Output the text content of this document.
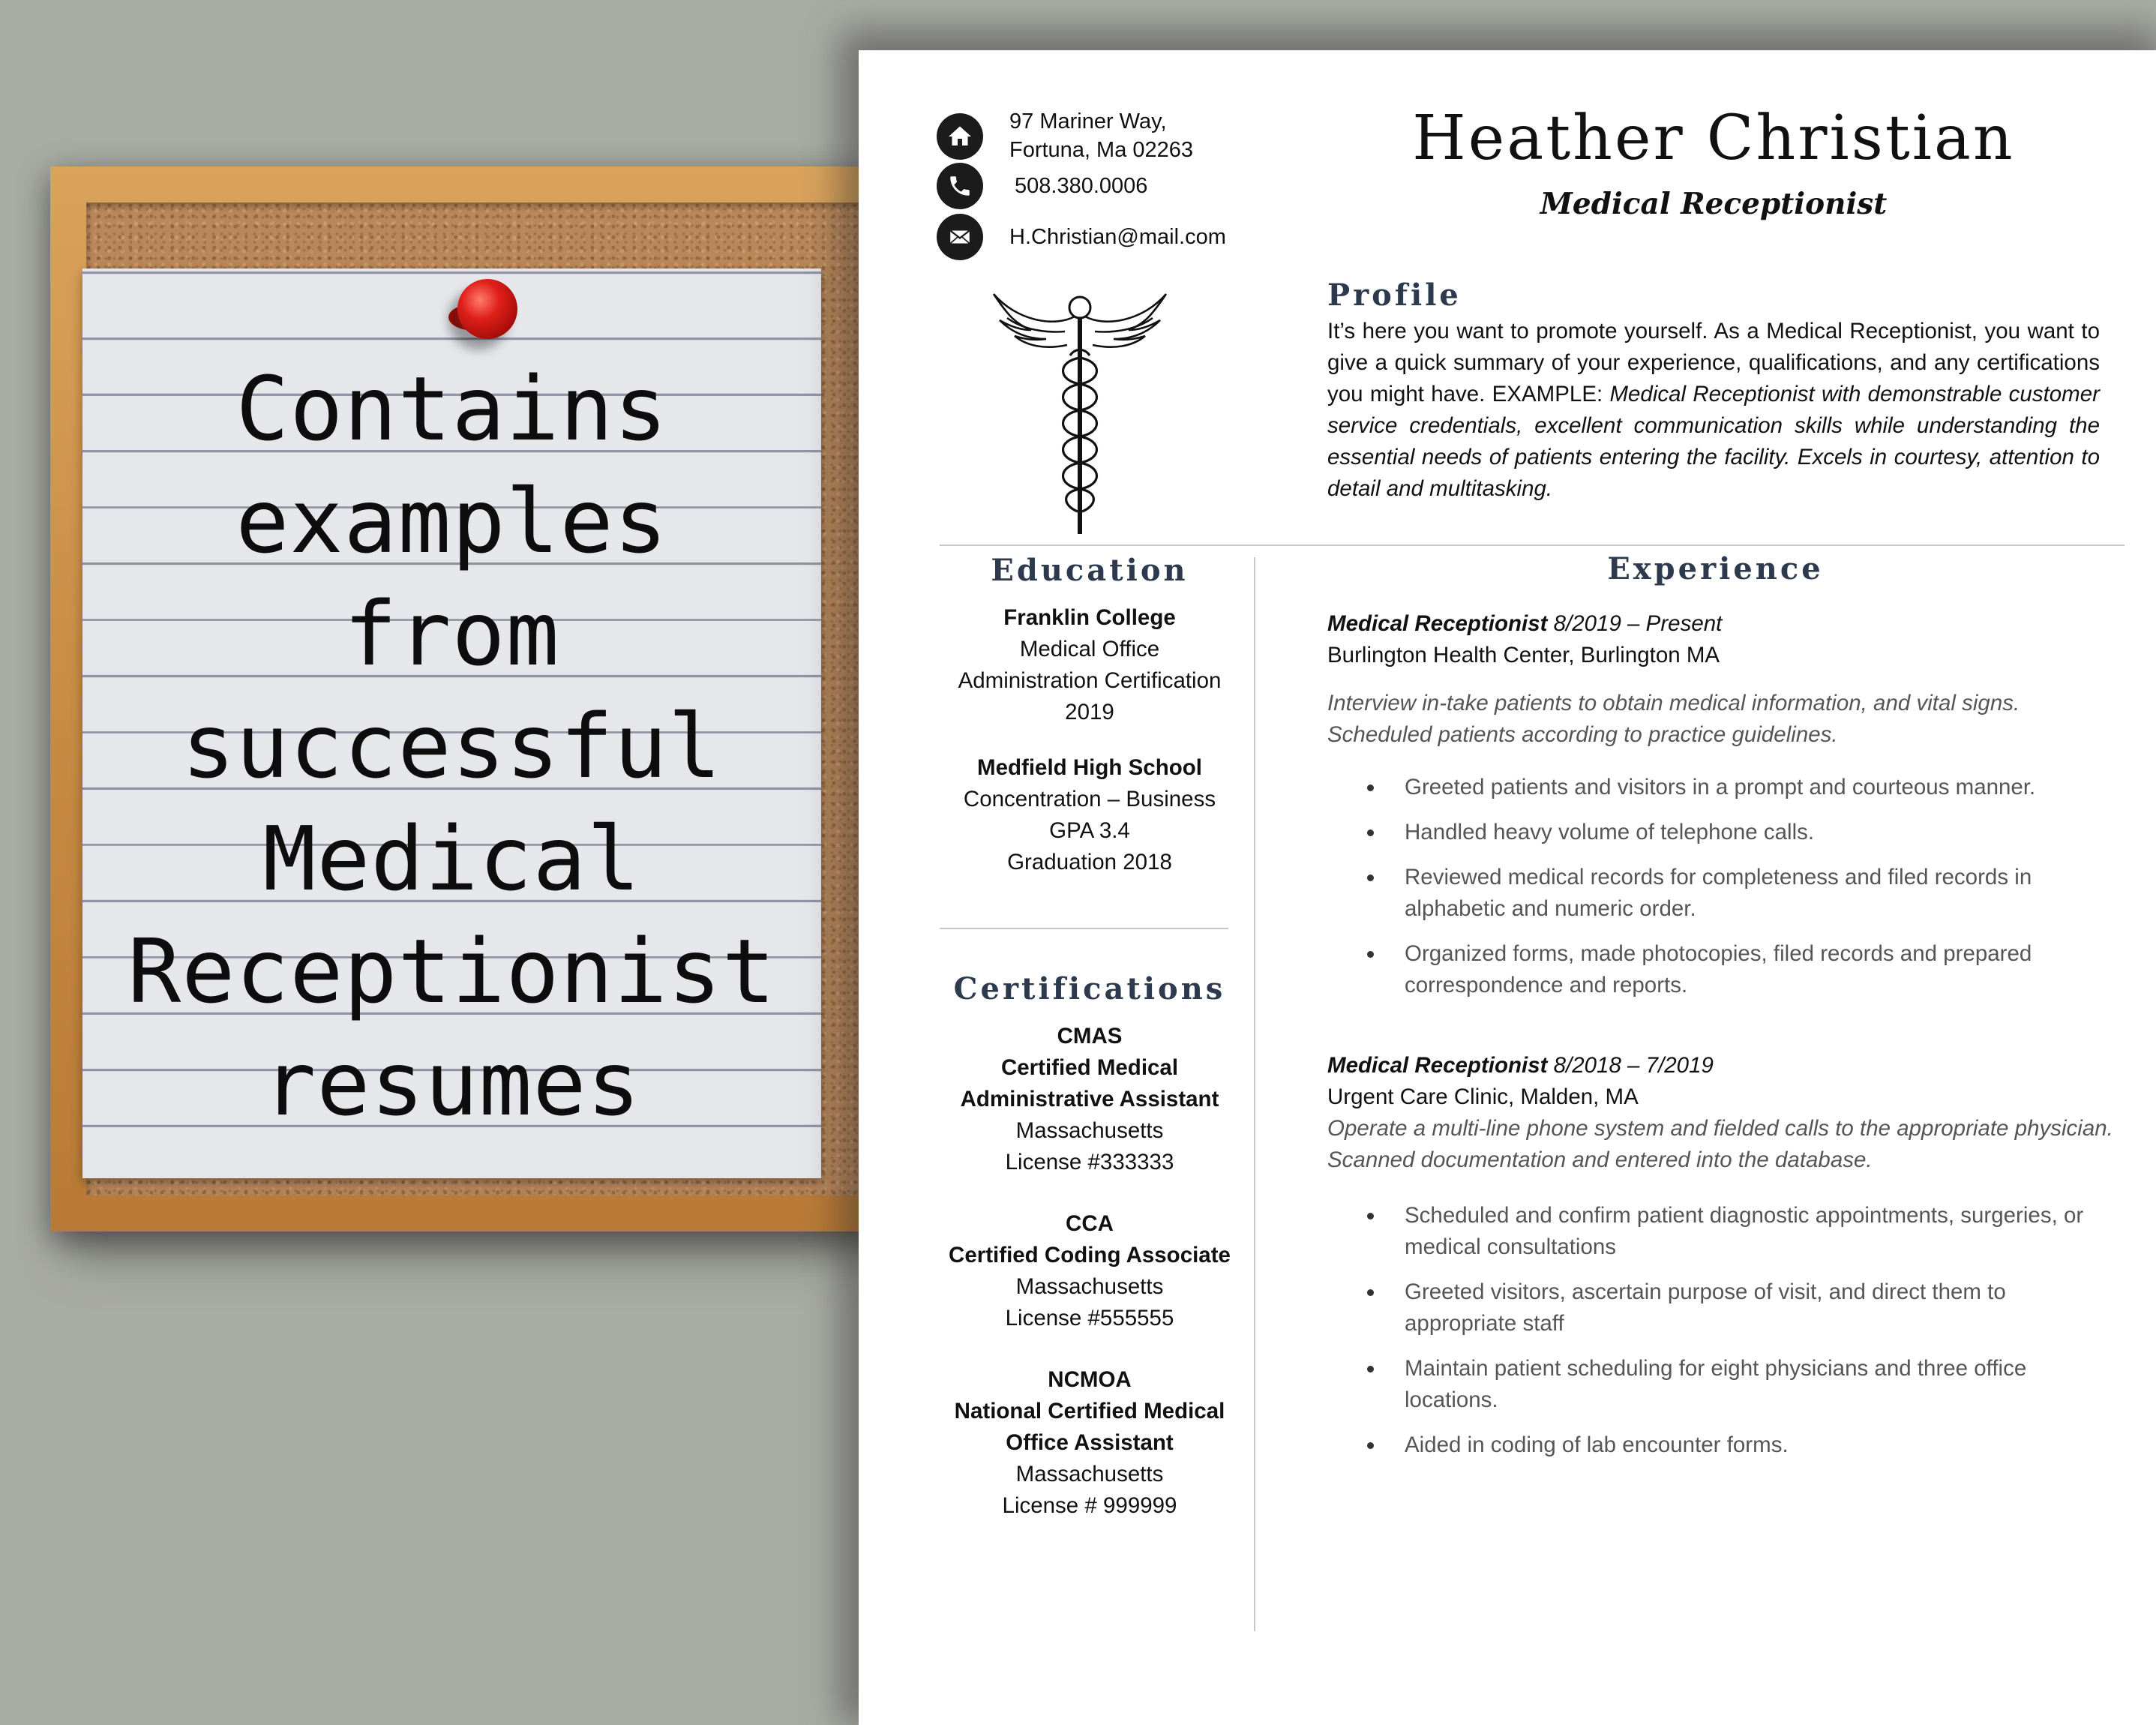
Contains
examples
from
successful
Medical
Receptionist
resumes
97 Mariner Way,
Fortuna, Ma 02263
508.380.0006
H.Christian@mail.com
Heather Christian
Medical Receptionist
Profile
It’s here you want to promote yourself. As a Medical Receptionist, you want to give a quick summary of your experience, qualifications, and any certifications you might have. EXAMPLE: Medical Receptionist with demonstrable customer service credentials, excellent communication skills while understanding the essential needs of patients entering the facility. Excels in courtesy, attention to detail and multitasking.
Education
Franklin College
Medical Office
Administration Certification
2019
Medfield High School
Concentration – Business
GPA 3.4
Graduation 2018
Certifications
CMAS
Certified Medical
Administrative Assistant
Massachusetts
License #333333
CCA
Certified Coding Associate
Massachusetts
License #555555
NCMOA
National Certified Medical
Office Assistant
Massachusetts
License # 999999
Experience
Medical Receptionist 8/2019 – Present
Burlington Health Center, Burlington MA
Interview in-take patients to obtain medical information, and vital signs. Scheduled patients according to practice guidelines.
Greeted patients and visitors in a prompt and courteous manner.
Handled heavy volume of telephone calls.
Reviewed medical records for completeness and filed records in alphabetic and numeric order.
Organized forms, made photocopies, filed records and prepared correspondence and reports.
Medical Receptionist 8/2018 – 7/2019
Urgent Care Clinic, Malden, MA
Operate a multi-line phone system and fielded calls to the appropriate physician. Scanned documentation and entered into the database.
Scheduled and confirm patient diagnostic appointments, surgeries, or medical consultations
Greeted visitors, ascertain purpose of visit, and direct them to appropriate staff
Maintain patient scheduling for eight physicians and three office locations.
Aided in coding of lab encounter forms.
